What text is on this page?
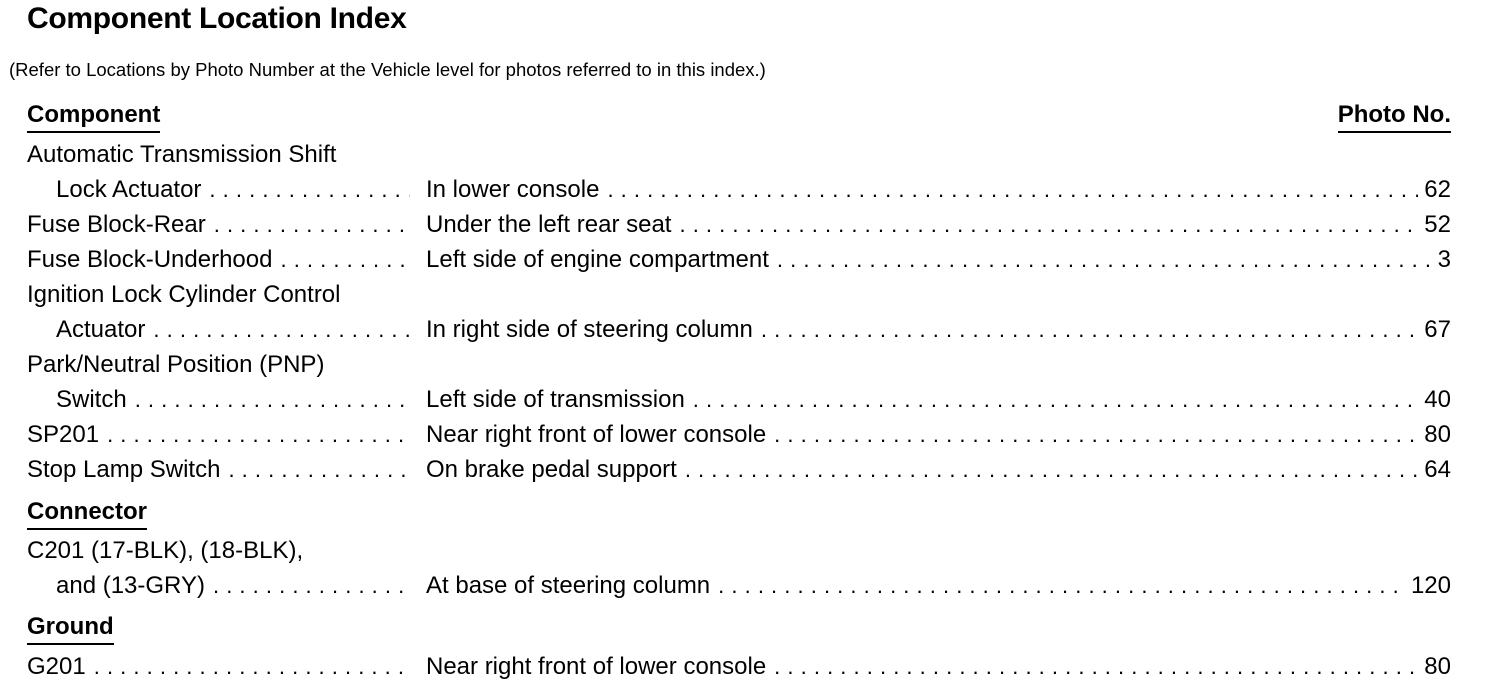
Component Location Index
(Refer to Locations by Photo Number at the Vehicle level for photos referred to in this index.)
Component	Photo No.
Automatic Transmission Shift
Lock Actuator . . .	In lower console . . .	62
Fuse Block-Rear . . .	Under the left rear seat . . .	52
Fuse Block-Underhood . . .	Left side of engine compartment . . .	3
Ignition Lock Cylinder Control
Actuator . . .	In right side of steering column . . .	67
Park/Neutral Position (PNP)
Switch . . .	Left side of transmission . . .	40
SP201 . . .	Near right front of lower console . . .	80
Stop Lamp Switch . . .	On brake pedal support . . .	64
Connector
C201 (17-BLK), (18-BLK),
and (13-GRY) . . .	At base of steering column . . .	120
Ground
G201 . . .	Near right front of lower console . . .	80
